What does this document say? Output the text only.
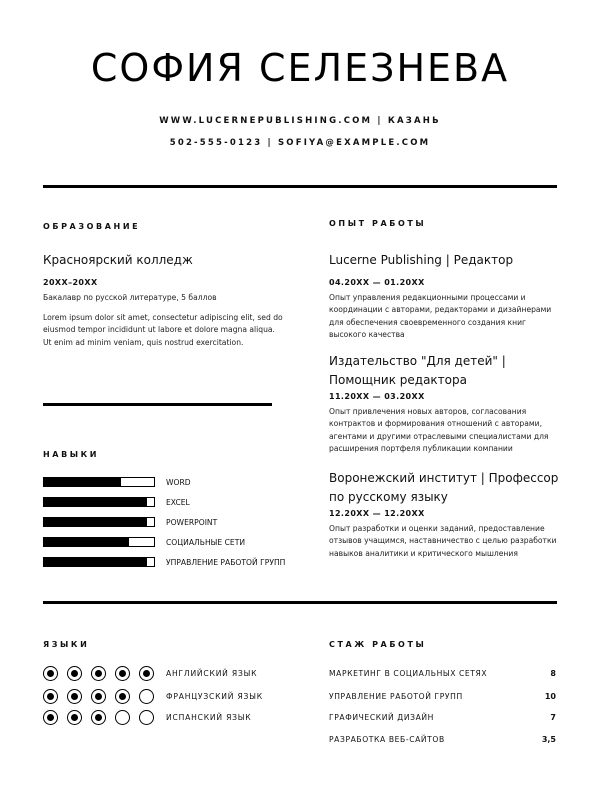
СОФИЯ СЕЛЕЗНЕВА
WWW.LUCERNEPUBLISHING.COM | КАЗАНЬ
502-555-0123 | SOFIYA@EXAMPLE.COM
ОБРАЗОВАНИЕ
Красноярский колледж
20XX–20XX
Бакалавр по русской литературе, 5 баллов
Lorem ipsum dolor sit amet, consectetur adipiscing elit, sed do eiusmod tempor incididunt ut labore et dolore magna aliqua. Ut enim ad minim veniam, quis nostrud exercitation.
НАВЫКИ
WORD
EXCEL
POWERPOINT
СОЦИАЛЬНЫЕ СЕТИ
УПРАВЛЕНИЕ РАБОТОЙ ГРУПП
ОПЫТ РАБОТЫ
Lucerne Publishing | Редактор
04.20XX — 01.20XX
Опыт управления редакционными процессами и координации с авторами, редакторами и дизайнерами для обеспечения своевременного создания книг высокого качества
Издательство "Для детей" | Помощник редактора
11.20XX — 03.20XX
Опыт привлечения новых авторов, согласования контрактов и формирования отношений с авторами, агентами и другими отраслевыми специалистами для расширения портфеля публикации компании
Воронежский институт | Профессор по русскому языку
12.20XX — 12.20XX
Опыт разработки и оценки заданий, предоставление отзывов учащимся, наставничество с целью разработки навыков аналитики и критического мышления
ЯЗЫКИ
АНГЛИЙСКИЙ ЯЗЫК
ФРАНЦУЗСКИЙ ЯЗЫК
ИСПАНСКИЙ ЯЗЫК
СТАЖ РАБОТЫ
МАРКЕТИНГ В СОЦИАЛЬНЫХ СЕТЯХ	8
УПРАВЛЕНИЕ РАБОТОЙ ГРУПП	10
ГРАФИЧЕСКИЙ ДИЗАЙН	7
РАЗРАБОТКА ВЕБ-САЙТОВ	3,5
